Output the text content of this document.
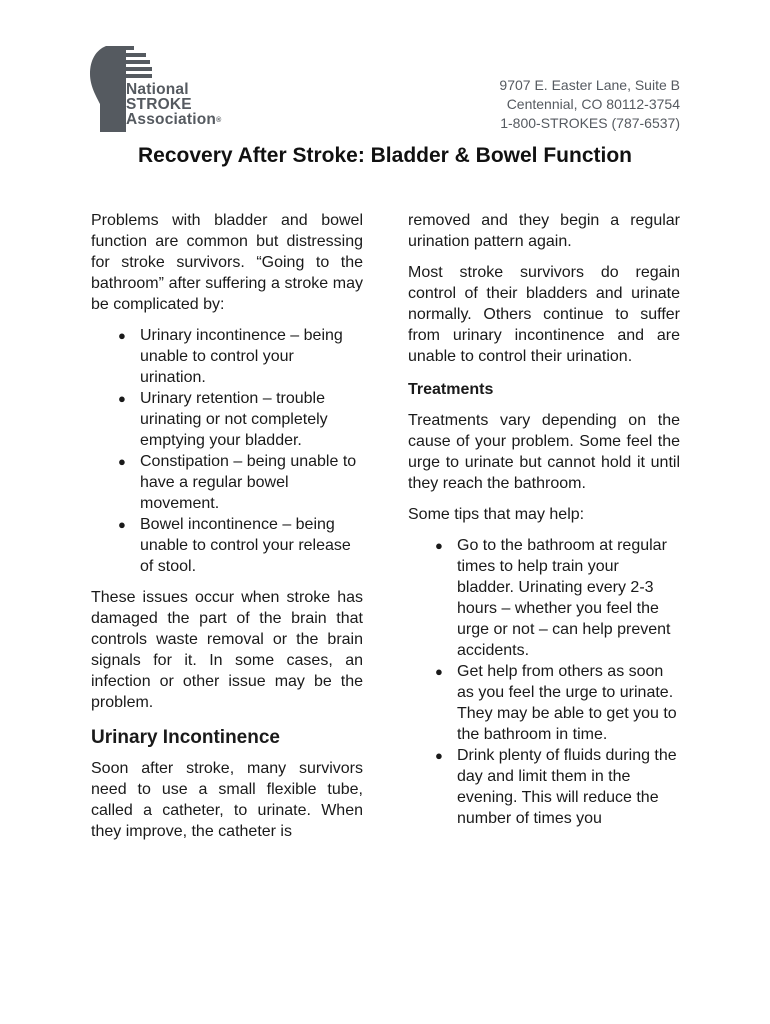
National
STROKE
Association®
9707 E. Easter Lane, Suite B
Centennial, CO 80112-3754
1-800-STROKES (787-6537)
Recovery After Stroke: Bladder & Bowel Function

Problems with bladder and bowel function are common but distressing for stroke survivors. “Going to the bathroom” after suffering a stroke may be complicated by:

● Urinary incontinence – being unable to control your urination.
● Urinary retention – trouble urinating or not completely emptying your bladder.
● Constipation – being unable to have a regular bowel movement.
● Bowel incontinence – being unable to control your release of stool.

These issues occur when stroke has damaged the part of the brain that controls waste removal or the brain signals for it. In some cases, an infection or other issue may be the problem.

Urinary Incontinence

Soon after stroke, many survivors need to use a small flexible tube, called a catheter, to urinate. When they improve, the catheter is

removed and they begin a regular urination pattern again.

Most stroke survivors do regain control of their bladders and urinate normally. Others continue to suffer from urinary incontinence and are unable to control their urination.

Treatments

Treatments vary depending on the cause of your problem. Some feel the urge to urinate but cannot hold it until they reach the bathroom.

Some tips that may help:

● Go to the bathroom at regular times to help train your bladder. Urinating every 2-3 hours – whether you feel the urge or not – can help prevent accidents.
● Get help from others as soon as you feel the urge to urinate. They may be able to get you to the bathroom in time.
● Drink plenty of fluids during the day and limit them in the evening. This will reduce the number of times you
